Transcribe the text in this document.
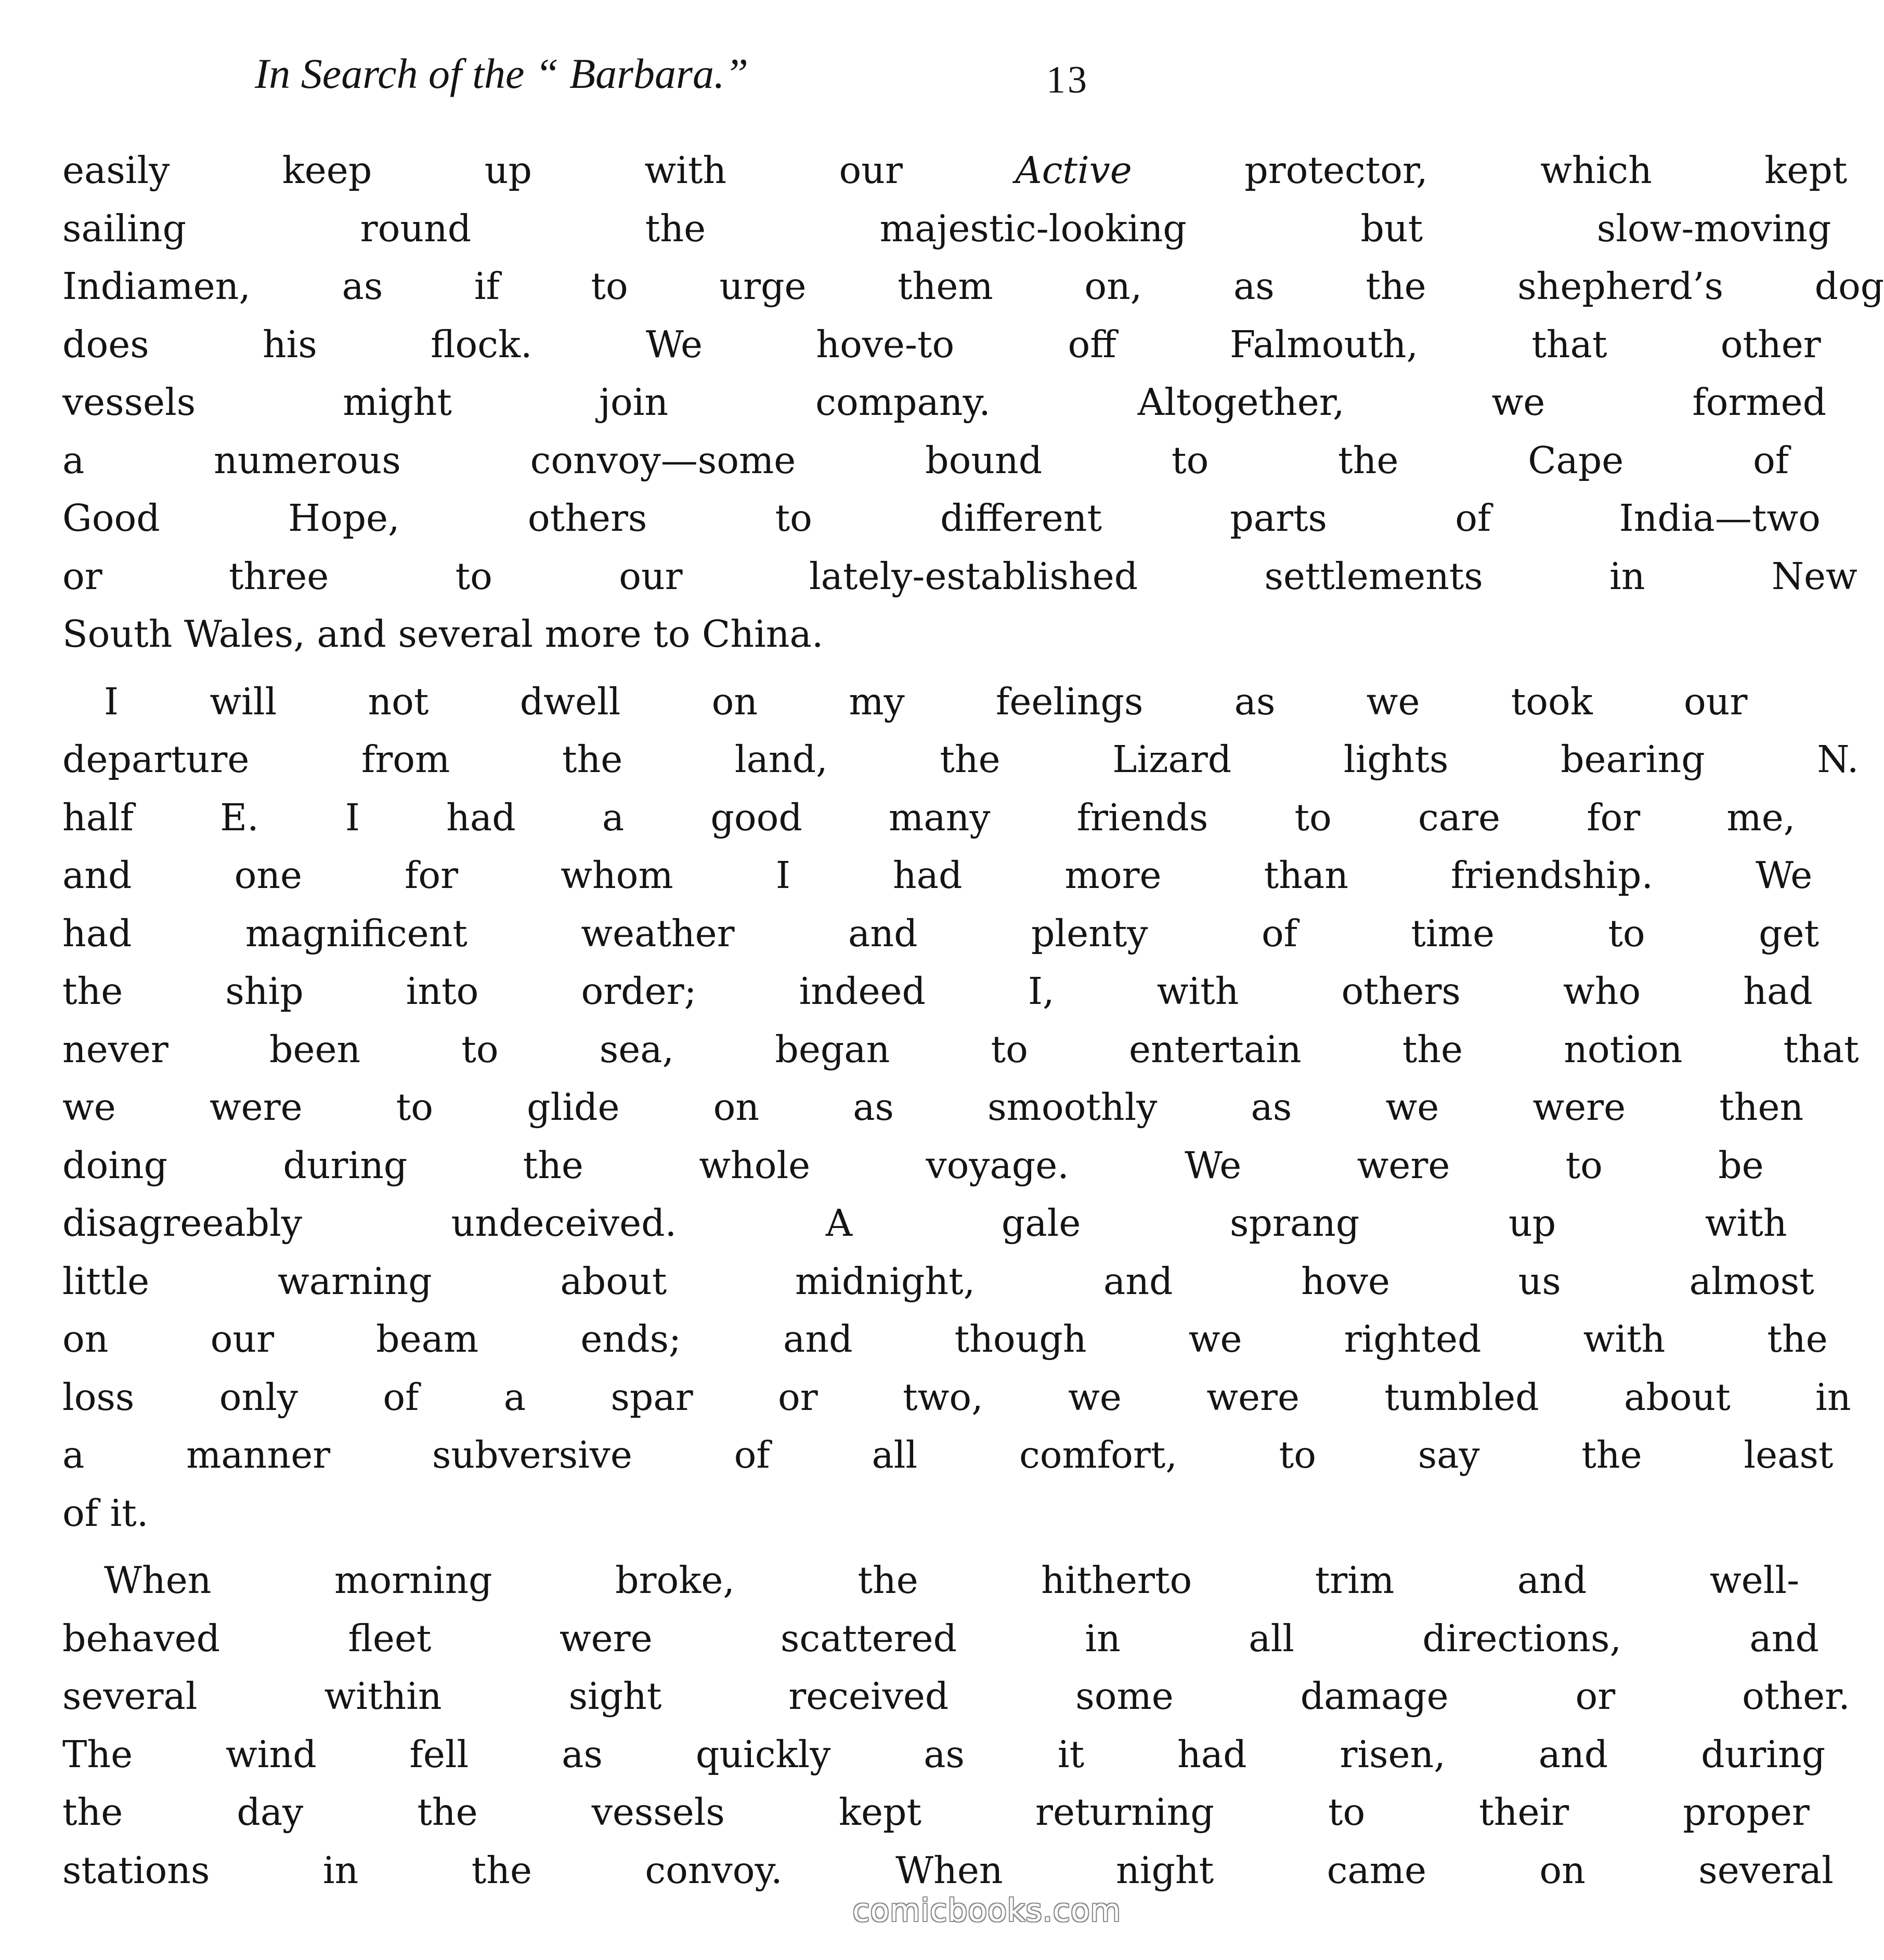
In Search of the “ Barbara.”	13
easily keep up with our Active protector, which kept
sailing round the majestic-looking but slow-moving
Indiamen, as if to urge them on, as the shepherd’s dog
does his flock. We hove-to off Falmouth, that other
vessels might join company. Altogether, we formed
a numerous convoy—some bound to the Cape of
Good Hope, others to different parts of India—two
or three to our lately-established settlements in New
South Wales, and several more to China.
I will not dwell on my feelings as we took our
departure from the land, the Lizard lights bearing N.
half E. I had a good many friends to care for me,
and one for whom I had more than friendship. We
had magnificent weather and plenty of time to get
the ship into order; indeed I, with others who had
never been to sea, began to entertain the notion that
we were to glide on as smoothly as we were then
doing during the whole voyage. We were to be
disagreeably undeceived. A gale sprang up with
little warning about midnight, and hove us almost
on our beam ends; and though we righted with the
loss only of a spar or two, we were tumbled about in
a manner subversive of all comfort, to say the least
of it.
When morning broke, the hitherto trim and well-
behaved fleet were scattered in all directions, and
several within sight received some damage or other.
The wind fell as quickly as it had risen, and during
the day the vessels kept returning to their proper
stations in the convoy. When night came on several
comicbooks.com
